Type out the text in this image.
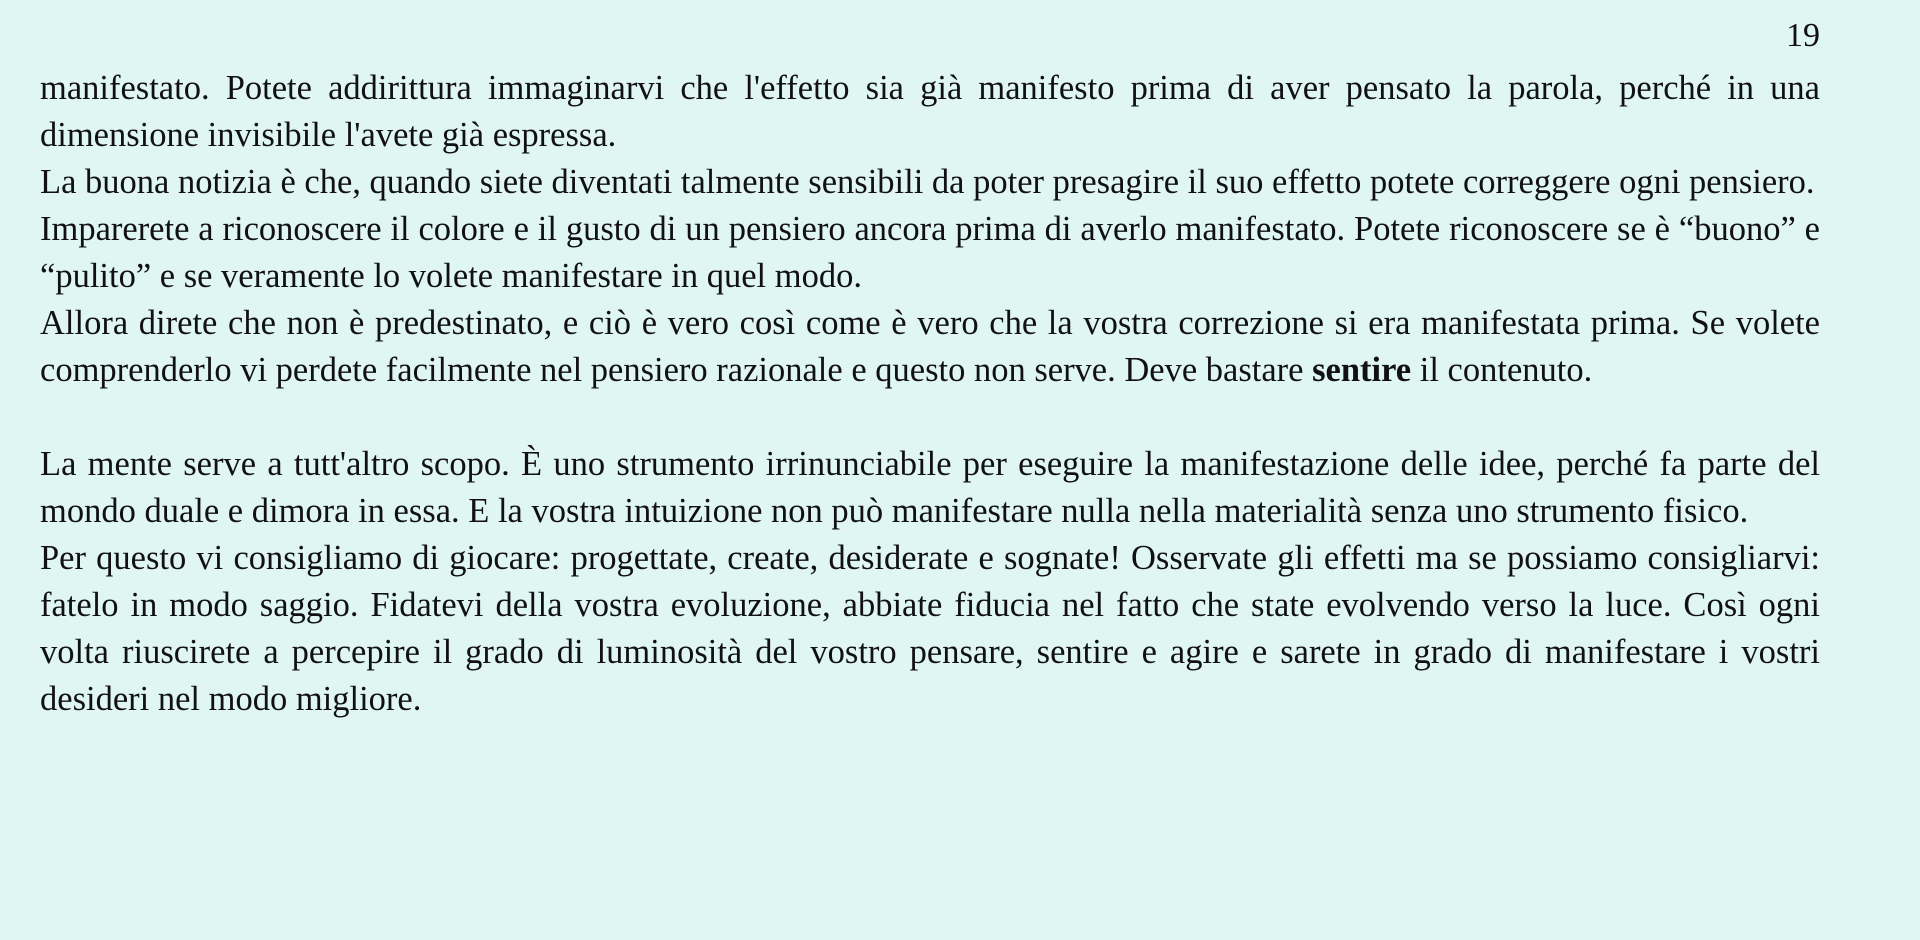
19

manifestato. Potete addirittura immaginarvi che l'effetto sia già manifesto prima di aver pensato la parola, perché in una dimensione invisibile l'avete già espressa.

La buona notizia è che, quando siete diventati talmente sensibili da poter presagire il suo effetto potete correggere ogni pensiero.

Imparerete a riconoscere il colore e il gusto di un pensiero ancora prima di averlo manifestato. Potete riconoscere se è “buono” e “pulito” e se veramente lo volete manifestare in quel modo.

Allora direte che non è predestinato, e ciò è vero così come è vero che la vostra correzione si era manifestata prima. Se volete comprenderlo vi perdete facilmente nel pensiero razionale e questo non serve. Deve bastare sentire il contenuto.

La mente serve a tutt'altro scopo. È uno strumento irrinunciabile per eseguire la manifestazione delle idee, perché fa parte del mondo duale e dimora in essa. E la vostra intuizione non può manifestare nulla nella materialità senza uno strumento fisico.

Per questo vi consigliamo di giocare: progettate, create, desiderate e sognate! Osservate gli effetti ma se possiamo consigliarvi: fatelo in modo saggio. Fidatevi della vostra evoluzione, abbiate fiducia nel fatto che state evolvendo verso la luce. Così ogni volta riuscirete a percepire il grado di luminosità del vostro pensare, sentire e agire e sarete in grado di manifestare i vostri desideri nel modo migliore.
